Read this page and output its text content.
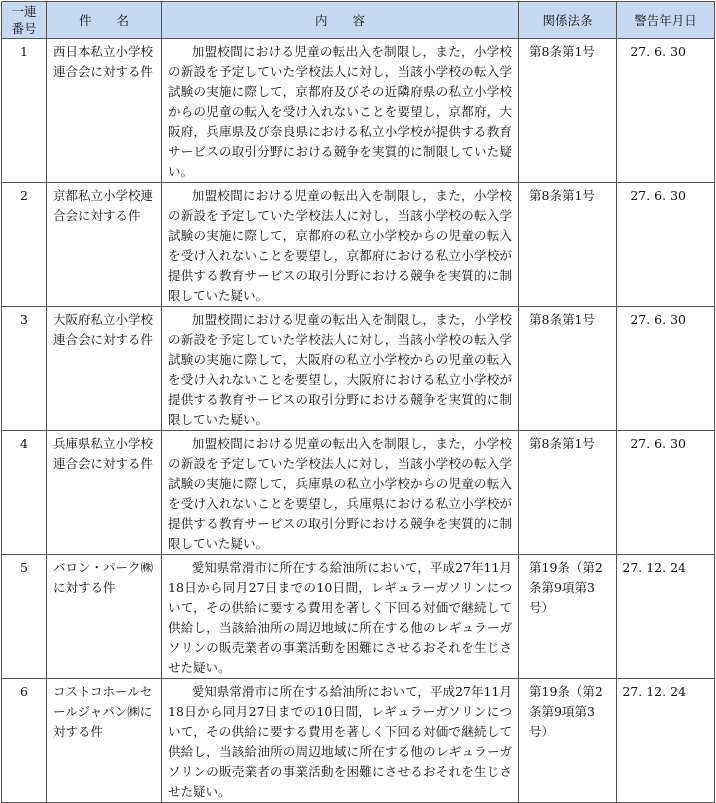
一連
番号	件名	内容	関係法条	警告年月日
1	西日本私立小学校連合会に対する件	加盟校間における児童の転出入を制限し，また，小学校の新設を予定していた学校法人に対し，当該小学校の転入学試験の実施に際して，京都府及びその近隣府県の私立小学校からの児童の転入を受け入れないことを要望し，京都府，大阪府，兵庫県及び奈良県における私立小学校が提供する教育サービスの取引分野における競争を実質的に制限していた疑い。	第8条第1号	27. 6. 30
2	京都私立小学校連合会に対する件	加盟校間における児童の転出入を制限し，また，小学校の新設を予定していた学校法人に対し，当該小学校の転入学試験の実施に際して，京都府の私立小学校からの児童の転入を受け入れないことを要望し，京都府における私立小学校が提供する教育サービスの取引分野における競争を実質的に制限していた疑い。	第8条第1号	27. 6. 30
3	大阪府私立小学校連合会に対する件	加盟校間における児童の転出入を制限し，また，小学校の新設を予定していた学校法人に対し，当該小学校の転入学試験の実施に際して，大阪府の私立小学校からの児童の転入を受け入れないことを要望し，大阪府における私立小学校が提供する教育サービスの取引分野における競争を実質的に制限していた疑い。	第8条第1号	27. 6. 30
4	兵庫県私立小学校連合会に対する件	加盟校間における児童の転出入を制限し，また，小学校の新設を予定していた学校法人に対し，当該小学校の転入学試験の実施に際して，兵庫県の私立小学校からの児童の転入を受け入れないことを要望し，兵庫県における私立小学校が提供する教育サービスの取引分野における競争を実質的に制限していた疑い。	第8条第1号	27. 6. 30
5	バロン・パーク㈱に対する件	愛知県常滑市に所在する給油所において，平成27年11月18日から同月27日までの10日間，レギュラーガソリンについて，その供給に要する費用を著しく下回る対価で継続して供給し，当該給油所の周辺地域に所在する他のレギュラーガソリンの販売業者の事業活動を困難にさせるおそれを生じさせた疑い。	第19条（第2条第9項第3号）	27. 12. 24
6	コストコホールセールジャパン㈱に対する件	愛知県常滑市に所在する給油所において，平成27年11月18日から同月27日までの10日間，レギュラーガソリンについて，その供給に要する費用を著しく下回る対価で継続して供給し，当該給油所の周辺地域に所在する他のレギュラーガソリンの販売業者の事業活動を困難にさせるおそれを生じさせた疑い。	第19条（第2条第9項第3号）	27. 12. 24
